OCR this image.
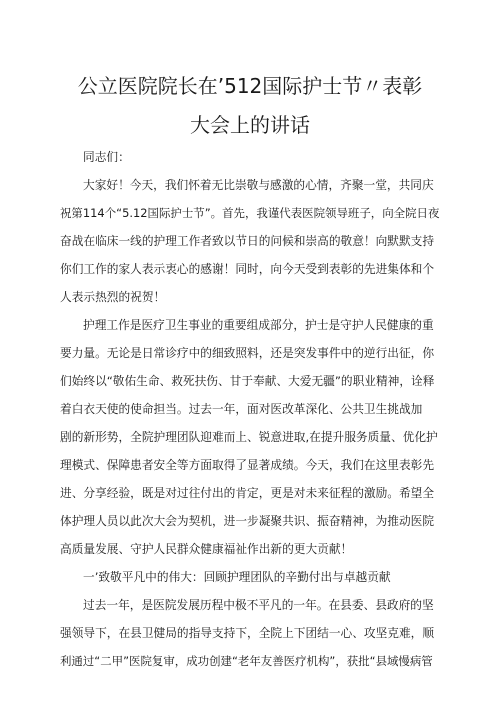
公立医院院长在’512国际护士节〃表彰
大会上的讲话
同志们：
大家好！今天，我们怀着无比崇敬与感激的心情，齐聚一堂，共同庆
祝第114个“5.12国际护士节”。首先，我谨代表医院领导班子，向全院日夜
奋战在临床一线的护理工作者致以节日的问候和崇高的敬意！向默默支持
你们工作的家人表示衷心的感谢！同时，向今天受到表彰的先进集体和个
人表示热烈的祝贺！
护理工作是医疗卫生事业的重要组成部分，护士是守护人民健康的重
要力量。无论是日常诊疗中的细致照料，还是突发事件中的逆行出征，你
们始终以“敬佑生命、救死扶伤、甘于奉献、大爱无疆”的职业精神，诠释
着白衣天使的使命担当。过去一年，面对医改革深化、公共卫生挑战加
剧的新形势，全院护理团队迎难而上、锐意进取,在提升服务质量、优化护
理模式、保障患者安全等方面取得了显著成绩。今天，我们在这里表彰先
进、分享经验，既是对过往付出的肯定，更是对未来征程的激励。希望全
体护理人员以此次大会为契机，进一步凝聚共识、振奋精神，为推动医院
高质量发展、守护人民群众健康福祉作出新的更大贡献！
一’致敬平凡中的伟大：回顾护理团队的辛勤付出与卓越贡献
过去一年，是医院发展历程中极不平凡的一年。在县委、县政府的坚
强领导下，在县卫健局的指导支持下，全院上下团结一心、攻坚克难，顺
利通过“二甲”医院复审，成功创建“老年友善医疗机构”，获批“县域慢病管
